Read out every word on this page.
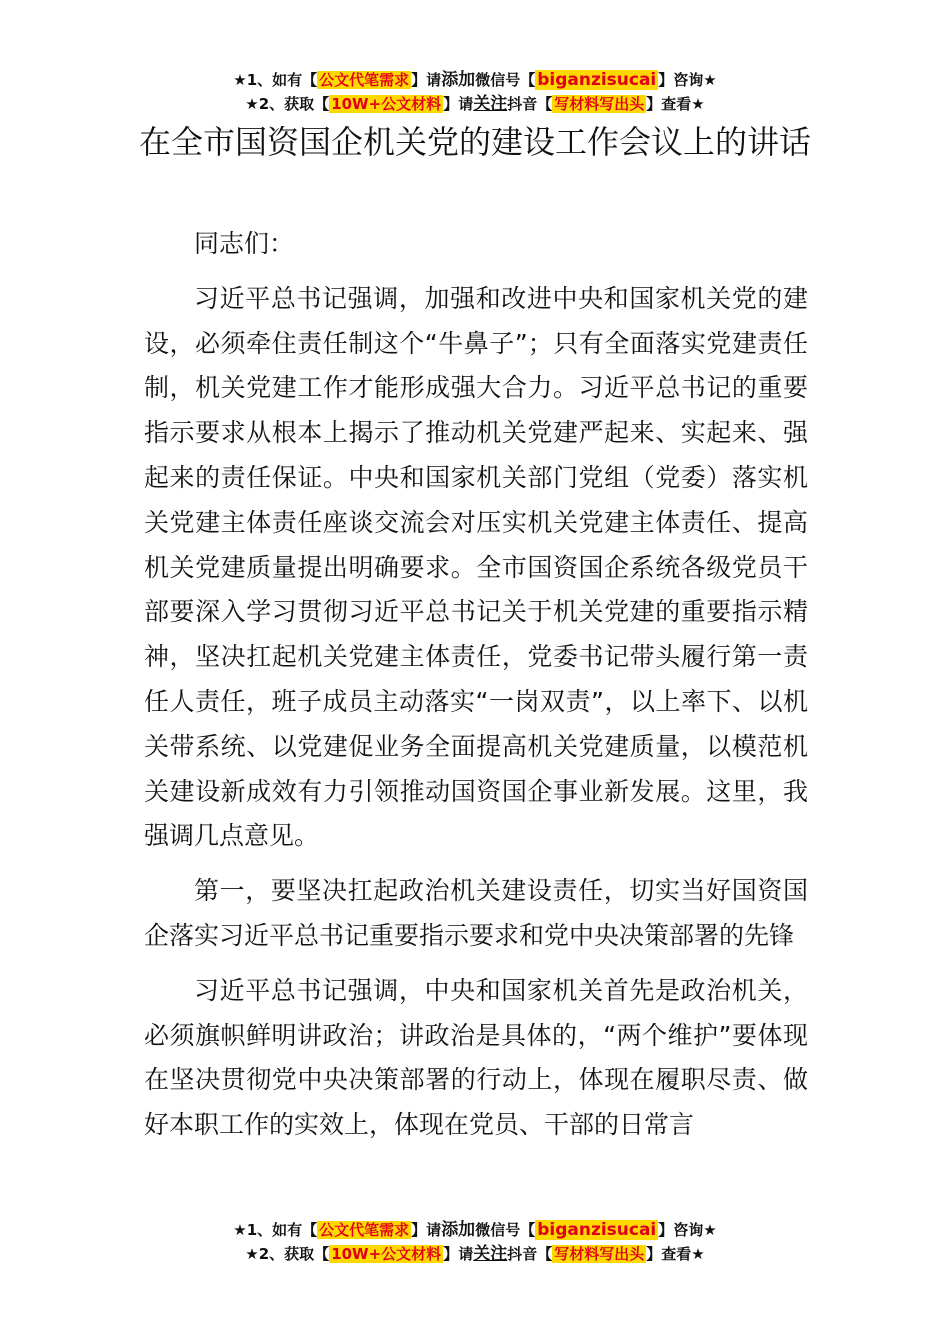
★1、如有【 公文代笔需求 】请添加微信号【 biganzisucai 】咨询★
★2、获取【 10W+公文材料 】请关注抖音【 写材料写出头 】查看★
在全市国资国企机关党的建设工作会议上的讲话

同志们：

习近平总书记强调，加强和改进中央和国家机关党的建设，必须牵住责任制这个“牛鼻子”；只有全面落实党建责任制，机关党建工作才能形成强大合力。习近平总书记的重要指示要求从根本上揭示了推动机关党建严起来、实起来、强起来的责任保证。中央和国家机关部门党组（党委）落实机关党建主体责任座谈交流会对压实机关党建主体责任、提高机关党建质量提出明确要求。全市国资国企系统各级党员干部要深入学习贯彻习近平总书记关于机关党建的重要指示精神，坚决扛起机关党建主体责任，党委书记带头履行第一责任人责任，班子成员主动落实“一岗双责”，以上率下、以机关带系统、以党建促业务全面提高机关党建质量，以模范机关建设新成效有力引领推动国资国企事业新发展。这里，我强调几点意见。

第一，要坚决扛起政治机关建设责任，切实当好国资国企落实习近平总书记重要指示要求和党中央决策部署的先锋

习近平总书记强调，中央和国家机关首先是政治机关，必须旗帜鲜明讲政治；讲政治是具体的，“两个维护”要体现在坚决贯彻党中央决策部署的行动上，体现在履职尽责、做好本职工作的实效上，体现在党员、干部的日常言

★1、如有【 公文代笔需求 】请添加微信号【 biganzisucai 】咨询★
★2、获取【 10W+公文材料 】请关注抖音【 写材料写出头 】查看★
